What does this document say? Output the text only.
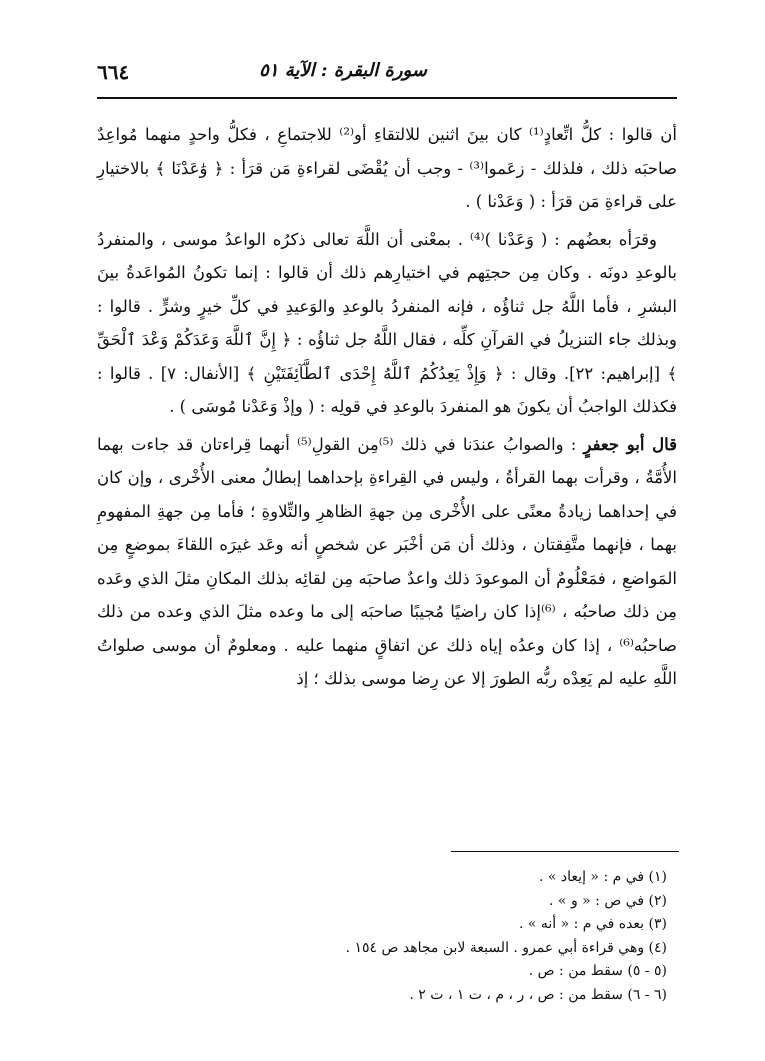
٦٦٤	سورة البقرة : الآية ٥١

أن قالوا : كلُّ اتِّعادٍ⁽¹⁾ كان بينَ اثنين للالتقاءِ أو⁽²⁾ للاجتماعِ ، فكلُّ واحدٍ منهما مُواعِدٌ صاحبَه ذلك ، فلذلك - زعَموا⁽³⁾ - وجب أن يُقْضَى لقراءةِ مَن قرَأ : ﴿ وَٰعَدْنَا ﴾ بالاختيارِ على قراءةِ مَن قرَأ : ( وَعَدْنا ) .

وقرَأه بعضُهم : ( وَعَدْنا )⁽⁴⁾ . بمعْنى أن اللَّهَ تعالى ذكرُه الواعدُ موسى ، والمنفردُ بالوعدِ دونَه . وكان مِن حجتِهم في اختيارِهم ذلك أن قالوا : إنما تكونُ المُواعَدةُ بينَ البشرِ ، فأما اللَّهُ جل ثناؤُه ، فإنه المنفردُ بالوعدِ والوَعيدِ في كلِّ خيرٍ وشرٍّ . قالوا : وبذلك جاء التنزيلُ في القرآنِ كلِّه ، فقال اللَّهُ جل ثناؤُه : ﴿ إِنَّ ٱللَّهَ وَعَدَكُمْ وَعْدَ ٱلْحَقِّ ﴾ [إبراهيم: ٢٢]. وقال : ﴿ وَإِذْ يَعِدُكُمُ ٱللَّهُ إِحْدَى ٱلطَّآئِفَتَيْنِ ﴾ [الأنفال: ٧] . قالوا : فكذلك الواجبُ أن يكونَ هو المنفردَ بالوعدِ في قولِه : ( وإذْ وَعَدْنا مُوسَى ) .

قال أبو جعفرٍ : والصوابُ عندَنا في ذلك ⁽⁵⁾مِن القولِ⁽⁵⁾ أنهما قِراءتان قد جاءت بهما الأُمَّةُ ، وقرأت بهما القرأةُ ، وليس في القِراءةِ بإحداهما إبطالُ معنى الأُخْرى ، وإن كان في إحداهما زيادةُ معنًى على الأُخْرى مِن جهةِ الظاهرِ والتِّلاوةِ ؛ فأما مِن جهةِ المفهومِ بهما ، فإنهما متَّفِقتان ، وذلك أن مَن أخْبَر عن شخصٍ أنه وعَد غيرَه اللقاءَ بموضعٍ مِن المَواضعِ ، فمَعْلُومٌ أن الموعودَ ذلك واعدٌ صاحبَه مِن لقائِه بذلك المكانِ مثلَ الذي وعَده مِن ذلك صاحبُه ، ⁽⁶⁾إذا كان راضيًا مُجيبًا صاحبَه إلى ما وعده مثلَ الذي وعده من ذلك صاحبُه⁽⁶⁾ ، إذا كان وعدُه إياه ذلك عن اتفاقٍ منهما عليه . ومعلومٌ أن موسى صلواتُ اللَّهِ عليه لم يَعِدْه ربُّه الطورَ إلا عن رِضا موسى بذلك ؛ إذ

(١) في م : « إيعاد » .
(٢) في ص : « و » .
(٣) بعده في م : « أنه » .
(٤) وهي قراءة أبي عمرو . السبعة لابن مجاهد ص ١٥٤ .
(٥ - ٥) سقط من : ص .
(٦ - ٦) سقط من : ص ، ر ، م ، ت ١ ، ت ٢ .
